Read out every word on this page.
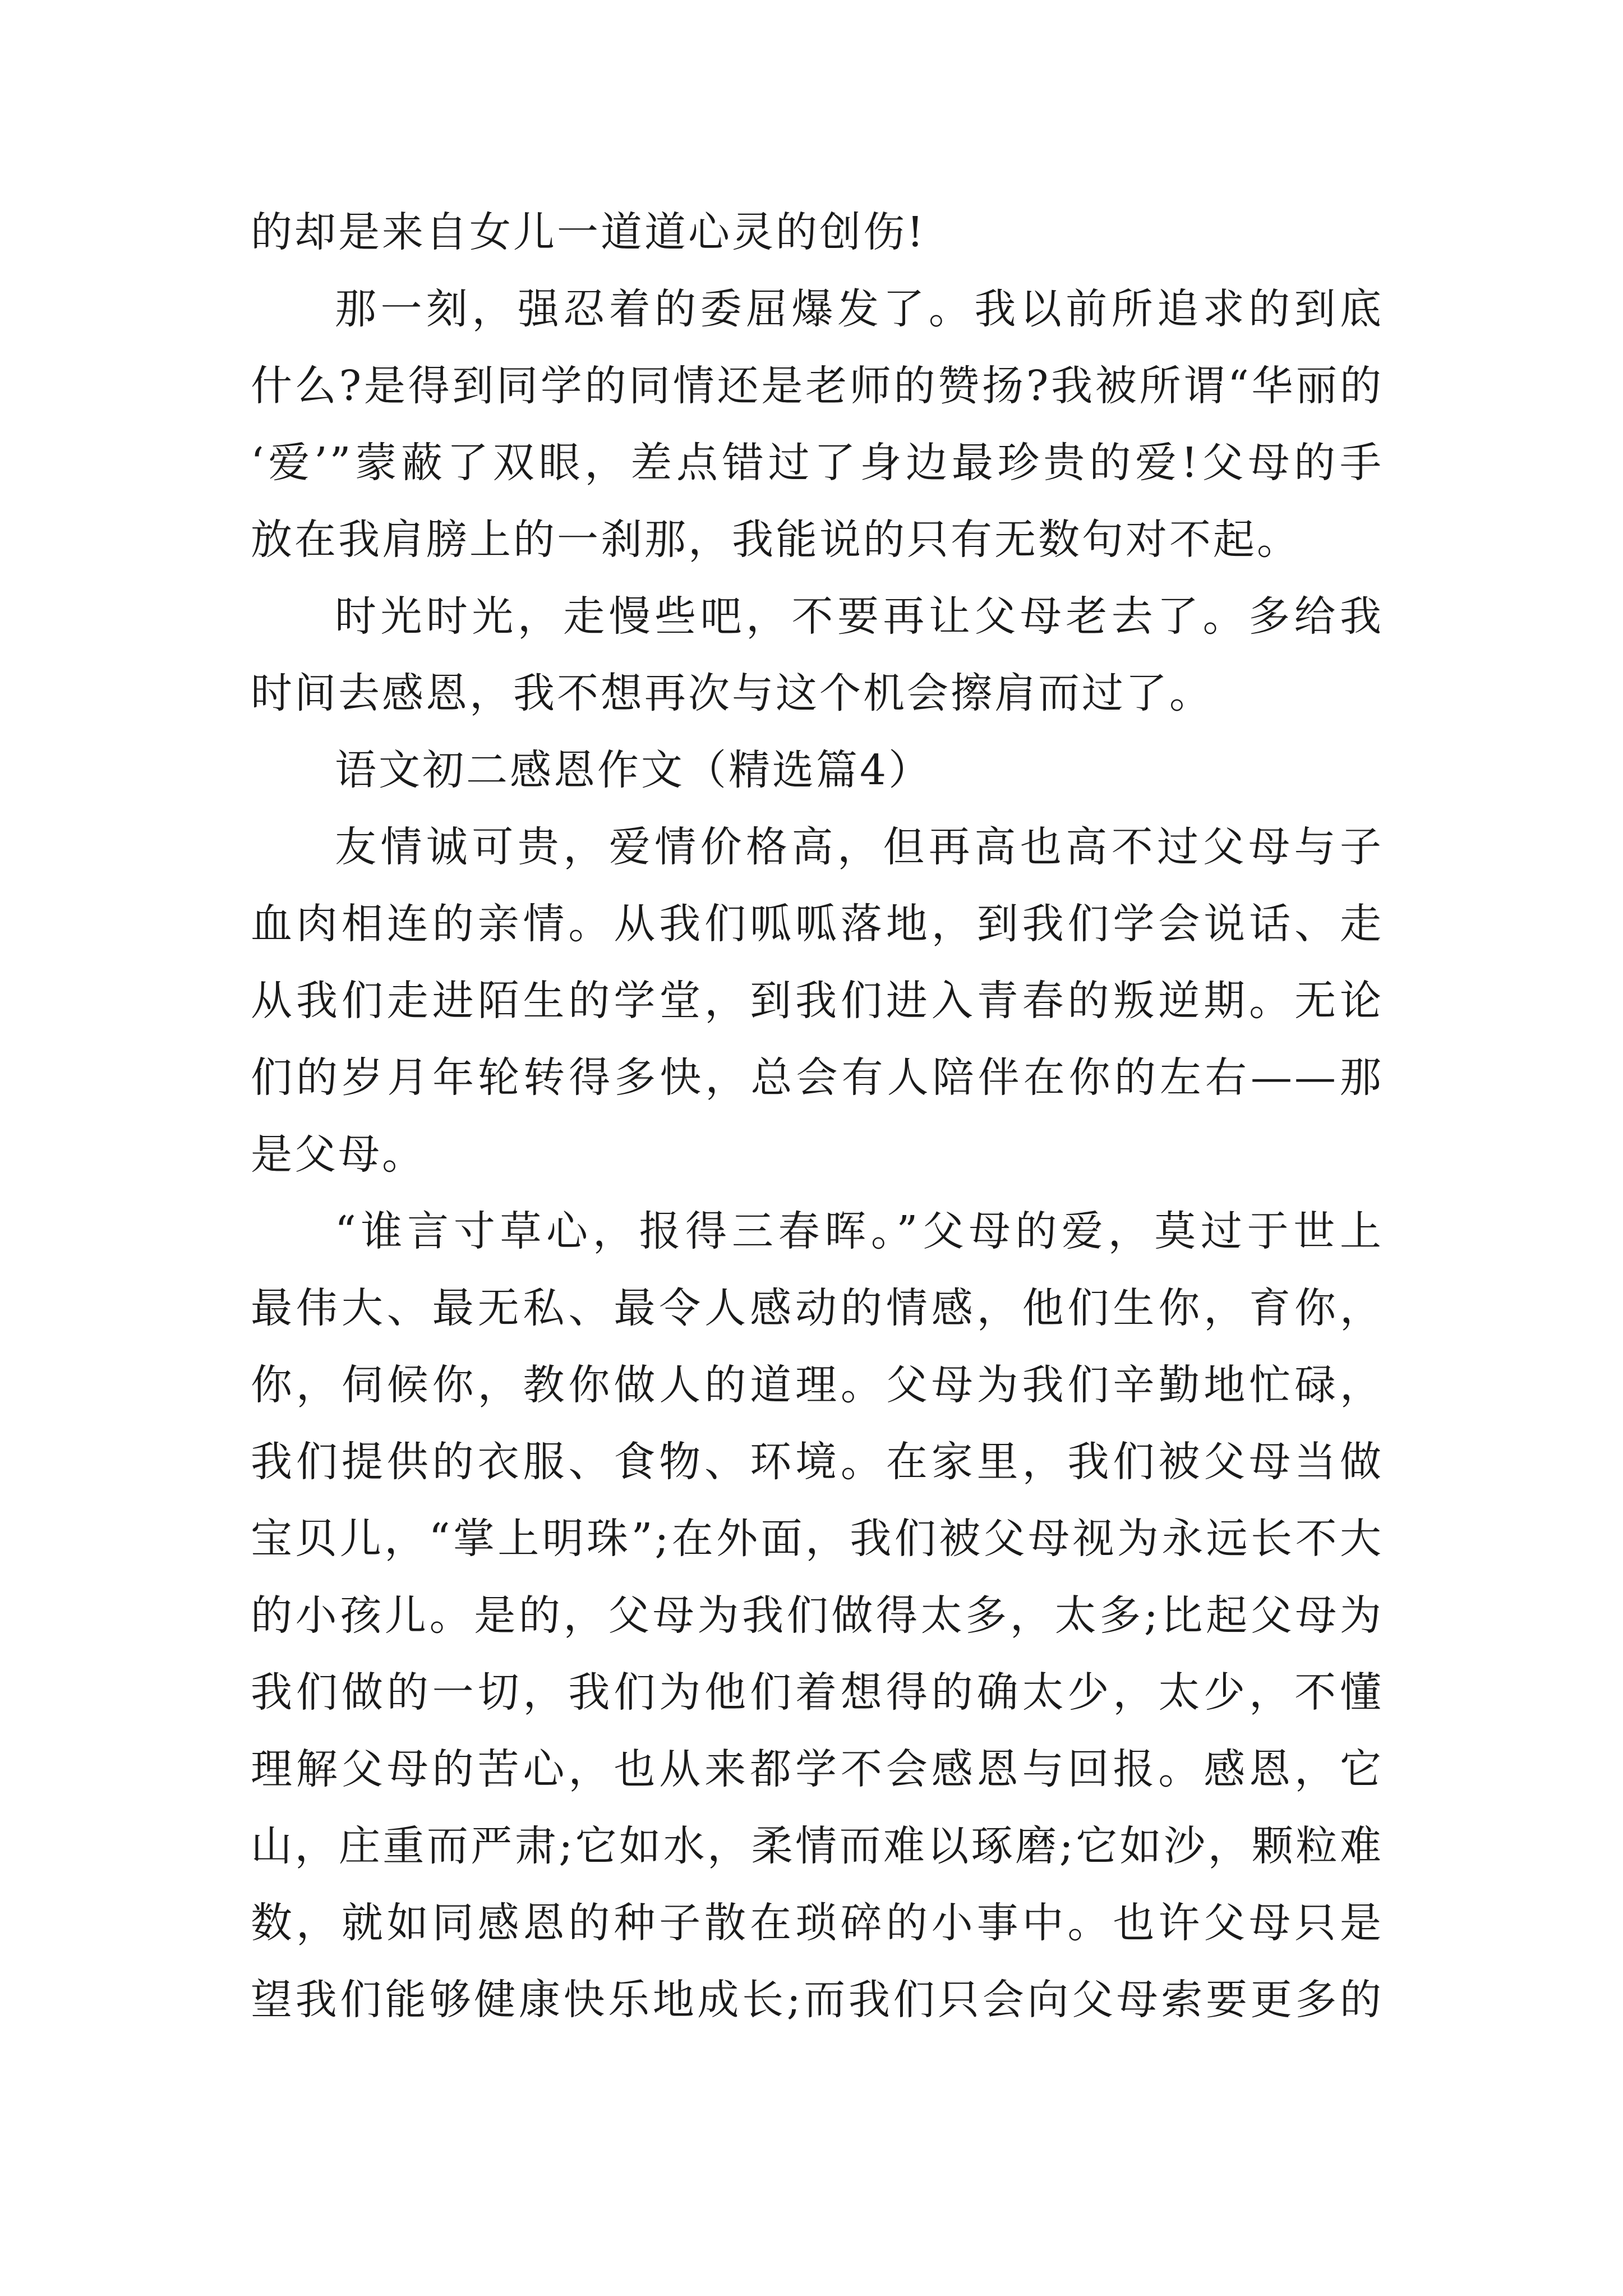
的却是来自女儿一道道心灵的创伤!
那一刻，强忍着的委屈爆发了。我以前所追求的到底
什么?是得到同学的同情还是老师的赞扬?我被所谓“华丽的
‘爱’”蒙蔽了双眼，差点错过了身边最珍贵的爱!父母的手
放在我肩膀上的一刹那，我能说的只有无数句对不起。
时光时光，走慢些吧，不要再让父母老去了。多给我
时间去感恩，我不想再次与这个机会擦肩而过了。
语文初二感恩作文（精选篇4）
友情诚可贵，爱情价格高，但再高也高不过父母与子
血肉相连的亲情。从我们呱呱落地，到我们学会说话、走
从我们走进陌生的学堂，到我们进入青春的叛逆期。无论
们的岁月年轮转得多快，总会有人陪伴在你的左右——那
是父母。
“谁言寸草心，报得三春晖。”父母的爱，莫过于世上
最伟大、最无私、最令人感动的情感，他们生你，育你，
你，伺候你，教你做人的道理。父母为我们辛勤地忙碌，
我们提供的衣服、食物、环境。在家里，我们被父母当做
宝贝儿，“掌上明珠”;在外面，我们被父母视为永远长不大
的小孩儿。是的，父母为我们做得太多，太多;比起父母为
我们做的一切，我们为他们着想得的确太少，太少，不懂
理解父母的苦心，也从来都学不会感恩与回报。感恩，它
山，庄重而严肃;它如水，柔情而难以琢磨;它如沙，颗粒难
数，就如同感恩的种子散在琐碎的小事中。也许父母只是
望我们能够健康快乐地成长;而我们只会向父母索要更多的
